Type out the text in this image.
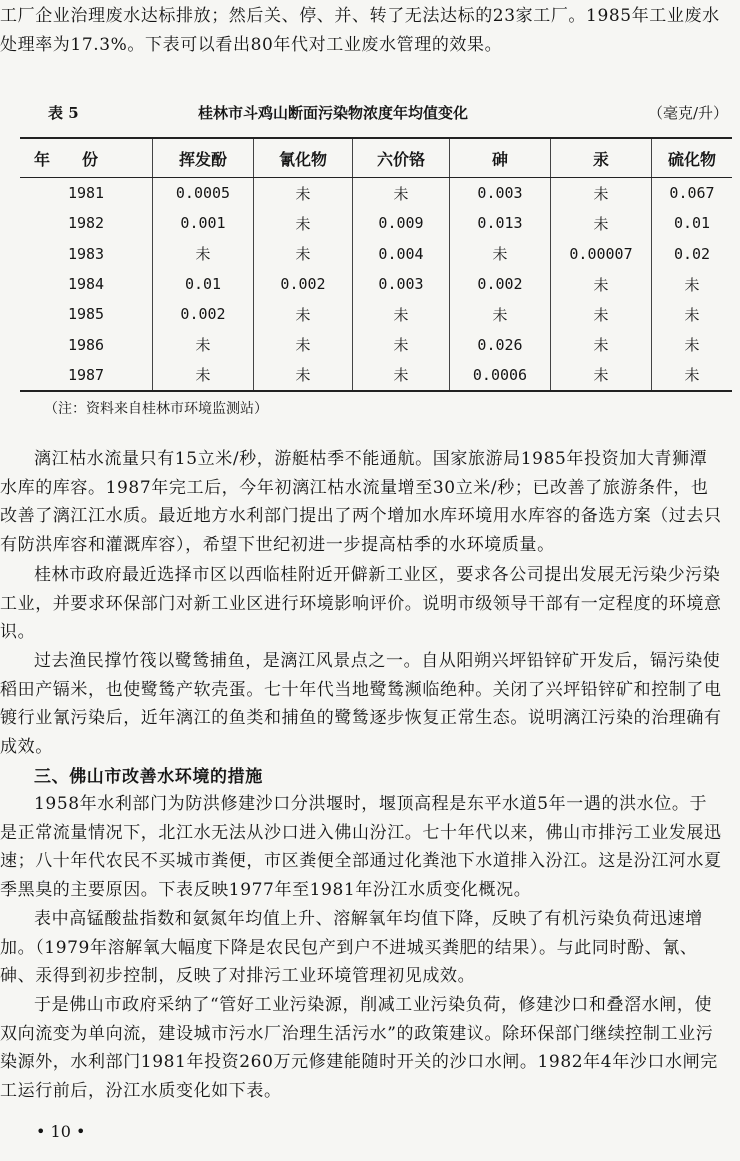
工厂企业治理废水达标排放；然后关、停、并、转了无法达标的23家工厂。1985年工业废水处理率为17.3%。下表可以看出80年代对工业废水管理的效果。

表 5	桂林市斗鸡山断面污染物浓度年均值变化	（毫克/升）
年　　份	挥发酚	氰化物	六价铬	砷	汞	硫化物
1981	0.0005	未	未	0.003	未	0.067
1982	0.001	未	0.009	0.013	未	0.01
1983	未	未	0.004	未	0.00007	0.02
1984	0.01	0.002	0.003	0.002	未	未
1985	0.002	未	未	未	未	未
1986	未	未	未	0.026	未	未
1987	未	未	未	0.0006	未	未
（注：资料来自桂林市环境监测站）

漓江枯水流量只有15立米/秒，游艇枯季不能通航。国家旅游局1985年投资加大青狮潭水库的库容。1987年完工后，今年初漓江枯水流量增至30立米/秒；已改善了旅游条件，也改善了漓江江水质。最近地方水利部门提出了两个增加水库环境用水库容的备选方案（过去只有防洪库容和灌溉库容），希望下世纪初进一步提高枯季的水环境质量。

桂林市政府最近选择市区以西临桂附近开僻新工业区，要求各公司提出发展无污染少污染工业，并要求环保部门对新工业区进行环境影响评价。说明市级领导干部有一定程度的环境意识。

过去渔民撑竹筏以鹭鸶捕鱼，是漓江风景点之一。自从阳朔兴坪铅锌矿开发后，镉污染使稻田产镉米，也使鹭鸶产软壳蛋。七十年代当地鹭鸶濒临绝种。关闭了兴坪铅锌矿和控制了电镀行业氰污染后，近年漓江的鱼类和捕鱼的鹭鸶逐步恢复正常生态。说明漓江污染的治理确有成效。

三、佛山市改善水环境的措施

1958年水利部门为防洪修建沙口分洪堰时，堰顶高程是东平水道5年一遇的洪水位。于是正常流量情况下，北江水无法从沙口进入佛山汾江。七十年代以来，佛山市排污工业发展迅速；八十年代农民不买城市粪便，市区粪便全部通过化粪池下水道排入汾江。这是汾江河水夏季黑臭的主要原因。下表反映1977年至1981年汾江水质变化概况。

表中高锰酸盐指数和氨氮年均值上升、溶解氧年均值下降，反映了有机污染负荷迅速增加。（1979年溶解氧大幅度下降是农民包产到户不进城买粪肥的结果）。与此同时酚、氰、砷、汞得到初步控制，反映了对排污工业环境管理初见成效。

于是佛山市政府采纳了“管好工业污染源，削减工业污染负荷，修建沙口和叠滘水闸，使双向流变为单向流，建设城市污水厂治理生活污水”的政策建议。除环保部门继续控制工业污染源外，水利部门1981年投资260万元修建能随时开关的沙口水闸。1982年4年沙口水闸完工运行前后，汾江水质变化如下表。

• 10 •
